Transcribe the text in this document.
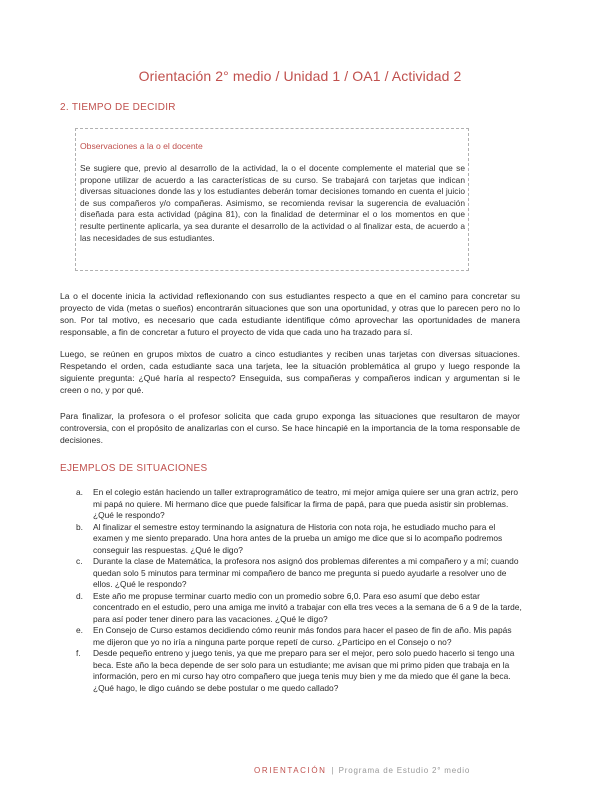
Orientación 2° medio / Unidad 1 / OA1 / Actividad 2
2. TIEMPO DE DECIDIR
Observaciones a la o el docente

Se sugiere que, previo al desarrollo de la actividad, la o el docente complemente el material que se propone utilizar de acuerdo a las características de su curso. Se trabajará con tarjetas que indican diversas situaciones donde las y los estudiantes deberán tomar decisiones tomando en cuenta el juicio de sus compañeros y/o compañeras. Asimismo, se recomienda revisar la sugerencia de evaluación diseñada para esta actividad (página 81), con la finalidad de determinar el o los momentos en que resulte pertinente aplicarla, ya sea durante el desarrollo de la actividad o al finalizar esta, de acuerdo a las necesidades de sus estudiantes.

La o el docente inicia la actividad reflexionando con sus estudiantes respecto a que en el camino para concretar su proyecto de vida (metas o sueños) encontrarán situaciones que son una oportunidad, y otras que lo parecen pero no lo son. Por tal motivo, es necesario que cada estudiante identifique cómo aprovechar las oportunidades de manera responsable, a fin de concretar a futuro el proyecto de vida que cada uno ha trazado para sí.

Luego, se reúnen en grupos mixtos de cuatro a cinco estudiantes y reciben unas tarjetas con diversas situaciones. Respetando el orden, cada estudiante saca una tarjeta, lee la situación problemática al grupo y luego responde la siguiente pregunta: ¿Qué haría al respecto? Enseguida, sus compañeras y compañeros indican y argumentan si le creen o no, y por qué.

Para finalizar, la profesora o el profesor solicita que cada grupo exponga las situaciones que resultaron de mayor controversia, con el propósito de analizarlas con el curso. Se hace hincapié en la importancia de la toma responsable de decisiones.

EJEMPLOS DE SITUACIONES
a. En el colegio están haciendo un taller extraprogramático de teatro, mi mejor amiga quiere ser una gran actriz, pero mi papá no quiere. Mi hermano dice que puede falsificar la firma de papá, para que pueda asistir sin problemas. ¿Qué le respondo?
b. Al finalizar el semestre estoy terminando la asignatura de Historia con nota roja, he estudiado mucho para el examen y me siento preparado. Una hora antes de la prueba un amigo me dice que si lo acompaño podremos conseguir las respuestas. ¿Qué le digo?
c. Durante la clase de Matemática, la profesora nos asignó dos problemas diferentes a mi compañero y a mí; cuando quedan solo 5 minutos para terminar mi compañero de banco me pregunta si puedo ayudarle a resolver uno de ellos. ¿Qué le respondo?
d. Este año me propuse terminar cuarto medio con un promedio sobre 6,0. Para eso asumí que debo estar concentrado en el estudio, pero una amiga me invitó a trabajar con ella tres veces a la semana de 6 a 9 de la tarde, para así poder tener dinero para las vacaciones. ¿Qué le digo?
e. En Consejo de Curso estamos decidiendo cómo reunir más fondos para hacer el paseo de fin de año. Mis papás me dijeron que yo no iría a ninguna parte porque repetí de curso. ¿Participo en el Consejo o no?
f. Desde pequeño entreno y juego tenis, ya que me preparo para ser el mejor, pero solo puedo hacerlo si tengo una beca. Este año la beca depende de ser solo para un estudiante; me avisan que mi primo piden que trabaja en la información, pero en mi curso hay otro compañero que juega tenis muy bien y me da miedo que él gane la beca. ¿Qué hago, le digo cuándo se debe postular o me quedo callado?
ORIENTACIÓN | Programa de Estudio 2° medio
